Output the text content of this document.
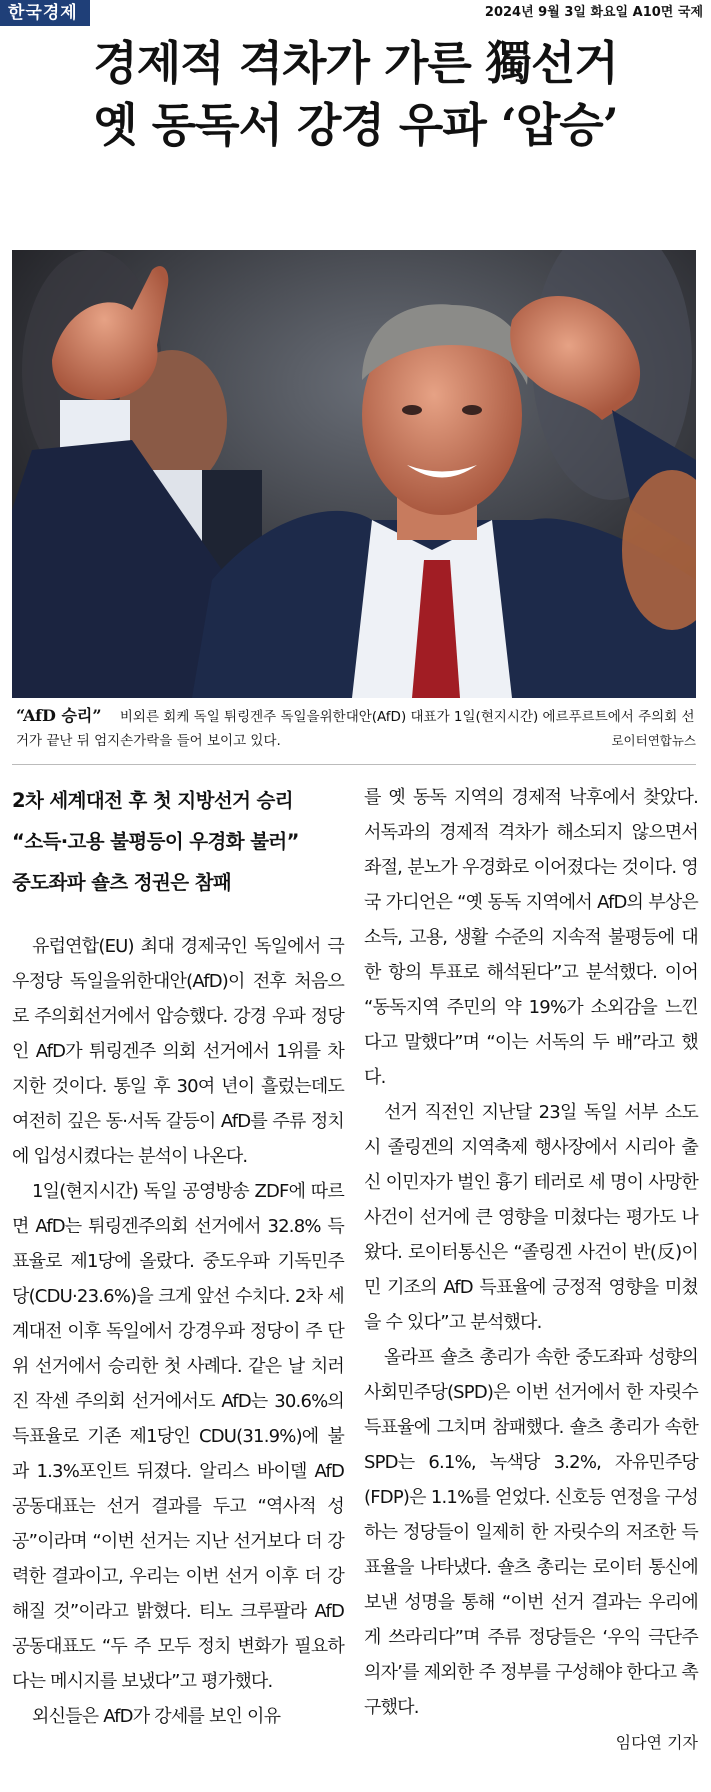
한국경제	2024년 9월 3일 화요일 A10면 국제
경제적 격차가 가른 獨선거
옛 동독서 강경 우파 ‘압승’
“AfD 승리” 비외른 회케 독일 튀링겐주 독일을위한대안(AfD) 대표가 1일(현지시간) 에르푸르트에서 주의회 선거가 끝난 뒤 엄지손가락을 들어 보이고 있다.	로이터연합뉴스
2차 세계대전 후 첫 지방선거 승리
“소득·고용 불평등이 우경화 불러”
중도좌파 숄츠 정권은 참패

유럽연합(EU) 최대 경제국인 독일에서 극우정당 독일을위한대안(AfD)이 전후 처음으로 주의회선거에서 압승했다. 강경 우파 정당인 AfD가 튀링겐주 의회 선거에서 1위를 차지한 것이다. 통일 후 30여 년이 흘렀는데도 여전히 깊은 동·서독 갈등이 AfD를 주류 정치에 입성시켰다는 분석이 나온다.

1일(현지시간) 독일 공영방송 ZDF에 따르면 AfD는 튀링겐주의회 선거에서 32.8% 득표율로 제1당에 올랐다. 중도우파 기독민주당(CDU·23.6%)을 크게 앞선 수치다. 2차 세계대전 이후 독일에서 강경우파 정당이 주 단위 선거에서 승리한 첫 사례다. 같은 날 치러진 작센 주의회 선거에서도 AfD는 30.6%의 득표율로 기존 제1당인 CDU(31.9%)에 불과 1.3%포인트 뒤졌다. 알리스 바이델 AfD 공동대표는 선거 결과를 두고 “역사적 성공”이라며 “이번 선거는 지난 선거보다 더 강력한 결과이고, 우리는 이번 선거 이후 더 강해질 것”이라고 밝혔다. 티노 크루팔라 AfD 공동대표도 “두 주 모두 정치 변화가 필요하다는 메시지를 보냈다”고 평가했다.

외신들은 AfD가 강세를 보인 이유

를 옛 동독 지역의 경제적 낙후에서 찾았다. 서독과의 경제적 격차가 해소되지 않으면서 좌절, 분노가 우경화로 이어졌다는 것이다. 영국 가디언은 “옛 동독 지역에서 AfD의 부상은 소득, 고용, 생활 수준의 지속적 불평등에 대한 항의 투표로 해석된다”고 분석했다. 이어 “동독지역 주민의 약 19%가 소외감을 느낀다고 말했다”며 “이는 서독의 두 배”라고 했다.

선거 직전인 지난달 23일 독일 서부 소도시 졸링겐의 지역축제 행사장에서 시리아 출신 이민자가 벌인 흉기 테러로 세 명이 사망한 사건이 선거에 큰 영향을 미쳤다는 평가도 나왔다. 로이터통신은 “졸링겐 사건이 반(反)이민 기조의 AfD 득표율에 긍정적 영향을 미쳤을 수 있다”고 분석했다.

올라프 숄츠 총리가 속한 중도좌파 성향의 사회민주당(SPD)은 이번 선거에서 한 자릿수 득표율에 그치며 참패했다. 숄츠 총리가 속한 SPD는 6.1%, 녹색당 3.2%, 자유민주당(FDP)은 1.1%를 얻었다. 신호등 연정을 구성하는 정당들이 일제히 한 자릿수의 저조한 득표율을 나타냈다. 숄츠 총리는 로이터 통신에 보낸 성명을 통해 “이번 선거 결과는 우리에게 쓰라리다”며 주류 정당들은 ‘우익 극단주의자’를 제외한 주 정부를 구성해야 한다고 촉구했다.

임다연 기자
